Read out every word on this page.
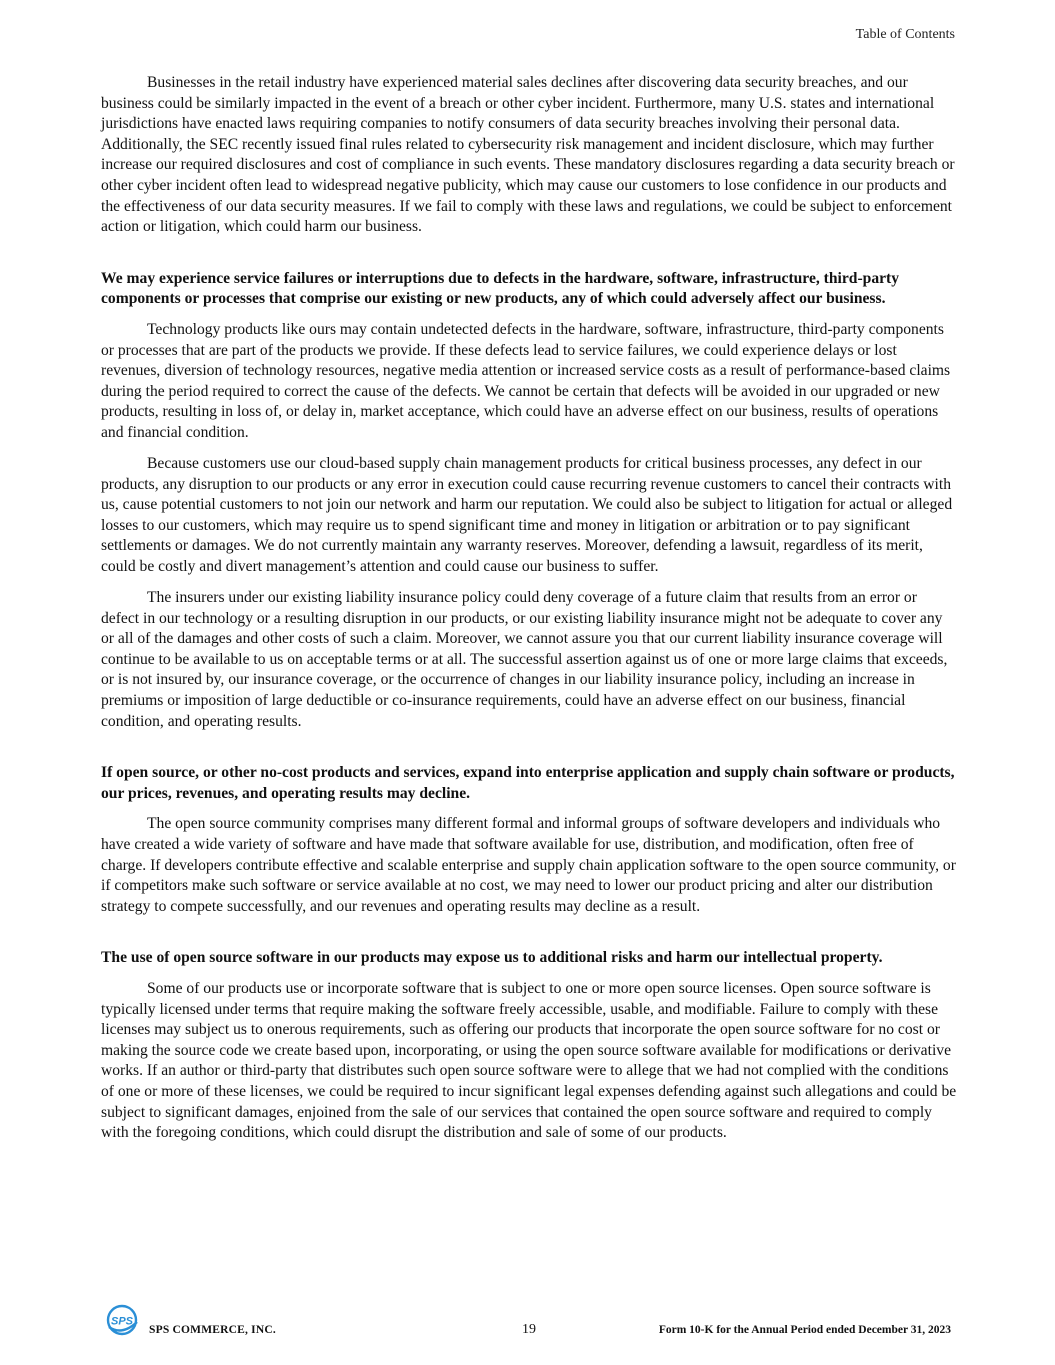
Table of Contents

Businesses in the retail industry have experienced material sales declines after discovering data security breaches, and our business could be similarly impacted in the event of a breach or other cyber incident. Furthermore, many U.S. states and international jurisdictions have enacted laws requiring companies to notify consumers of data security breaches involving their personal data. Additionally, the SEC recently issued final rules related to cybersecurity risk management and incident disclosure, which may further increase our required disclosures and cost of compliance in such events. These mandatory disclosures regarding a data security breach or other cyber incident often lead to widespread negative publicity, which may cause our customers to lose confidence in our products and the effectiveness of our data security measures. If we fail to comply with these laws and regulations, we could be subject to enforcement action or litigation, which could harm our business.

We may experience service failures or interruptions due to defects in the hardware, software, infrastructure, third-party components or processes that comprise our existing or new products, any of which could adversely affect our business.

Technology products like ours may contain undetected defects in the hardware, software, infrastructure, third-party components or processes that are part of the products we provide. If these defects lead to service failures, we could experience delays or lost revenues, diversion of technology resources, negative media attention or increased service costs as a result of performance-based claims during the period required to correct the cause of the defects. We cannot be certain that defects will be avoided in our upgraded or new products, resulting in loss of, or delay in, market acceptance, which could have an adverse effect on our business, results of operations and financial condition.

Because customers use our cloud-based supply chain management products for critical business processes, any defect in our products, any disruption to our products or any error in execution could cause recurring revenue customers to cancel their contracts with us, cause potential customers to not join our network and harm our reputation. We could also be subject to litigation for actual or alleged losses to our customers, which may require us to spend significant time and money in litigation or arbitration or to pay significant settlements or damages. We do not currently maintain any warranty reserves. Moreover, defending a lawsuit, regardless of its merit, could be costly and divert management’s attention and could cause our business to suffer.

The insurers under our existing liability insurance policy could deny coverage of a future claim that results from an error or defect in our technology or a resulting disruption in our products, or our existing liability insurance might not be adequate to cover any or all of the damages and other costs of such a claim. Moreover, we cannot assure you that our current liability insurance coverage will continue to be available to us on acceptable terms or at all. The successful assertion against us of one or more large claims that exceeds, or is not insured by, our insurance coverage, or the occurrence of changes in our liability insurance policy, including an increase in premiums or imposition of large deductible or co-insurance requirements, could have an adverse effect on our business, financial condition, and operating results.

If open source, or other no-cost products and services, expand into enterprise application and supply chain software or products, our prices, revenues, and operating results may decline.

The open source community comprises many different formal and informal groups of software developers and individuals who have created a wide variety of software and have made that software available for use, distribution, and modification, often free of charge. If developers contribute effective and scalable enterprise and supply chain application software to the open source community, or if competitors make such software or service available at no cost, we may need to lower our product pricing and alter our distribution strategy to compete successfully, and our revenues and operating results may decline as a result.

The use of open source software in our products may expose us to additional risks and harm our intellectual property.

Some of our products use or incorporate software that is subject to one or more open source licenses. Open source software is typically licensed under terms that require making the software freely accessible, usable, and modifiable. Failure to comply with these licenses may subject us to onerous requirements, such as offering our products that incorporate the open source software for no cost or making the source code we create based upon, incorporating, or using the open source software available for modifications or derivative works. If an author or third-party that distributes such open source software were to allege that we had not complied with the conditions of one or more of these licenses, we could be required to incur significant legal expenses defending against such allegations and could be subject to significant damages, enjoined from the sale of our services that contained the open source software and required to comply with the foregoing conditions, which could disrupt the distribution and sale of some of our products.

SPS
SPS COMMERCE, INC.	19	Form 10-K for the Annual Period ended December 31, 2023
